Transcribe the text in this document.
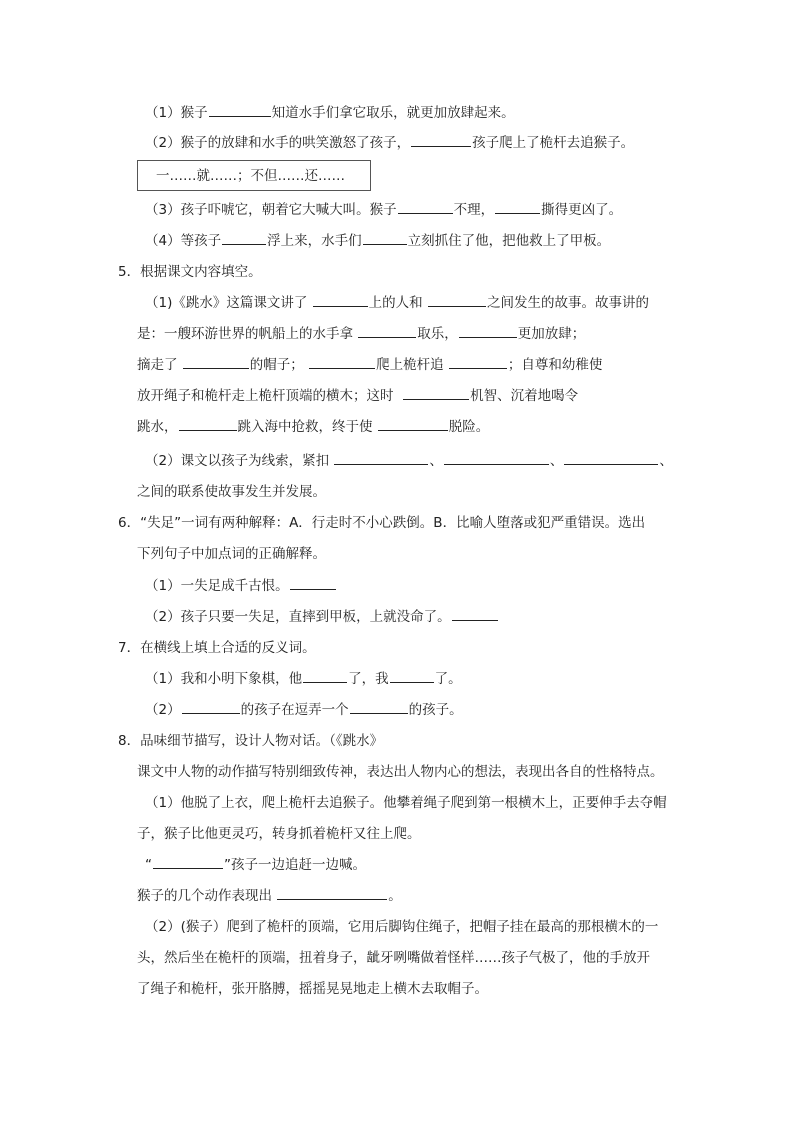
（1）猴子	知道水手们拿它取乐，就更加放肆起来。
（2）猴子的放肆和水手的哄笑激怒了孩子，	孩子爬上了桅杆去追猴子。
一……就……；不但……还……
（3）孩子吓唬它，朝着它大喊大叫。猴子	不理，	撕得更凶了。
（4）等孩子	浮上来，水手们	立刻抓住了他，把他救上了甲板。
5．根据课文内容填空。
（1)《跳水》这篇课文讲了	上的人和	之间发生的故事。故事讲的
是：一艘环游世界的帆船上的水手拿	取乐，	更加放肆；
摘走了	的帽子；	爬上桅杆追	；自尊和幼稚使
放开绳子和桅杆走上桅杆顶端的横木；这时	机智、沉着地喝令
跳水，	跳入海中抢救，终于使	脱险。
（2）课文以孩子为线索，紧扣	、	、	、
之间的联系使故事发生并发展。
6．“失足”一词有两种解释：A．行走时不小心跌倒。B．比喻人堕落或犯严重错误。选出
下列句子中加点词的正确解释。
（1）一失足成千古恨。
（2）孩子只要一失足，直摔到甲板，上就没命了。
7．在横线上填上合适的反义词。
（1）我和小明下象棋，他	了，我	了。
（2）	的孩子在逗弄一个	的孩子。
8．品味细节描写，设计人物对话。（《跳水》
课文中人物的动作描写特别细致传神，表达出人物内心的想法，表现出各自的性格特点。
（1）他脱了上衣，爬上桅杆去追猴子。他攀着绳子爬到第一根横木上，正要伸手去夺帽
子，猴子比他更灵巧，转身抓着桅杆又往上爬。
“	”孩子一边追赶一边喊。
猴子的几个动作表现出	。
（2）(猴子）爬到了桅杆的顶端，它用后脚钩住绳子，把帽子挂在最高的那根横木的一
头，然后坐在桅杆的顶端，扭着身子，龇牙咧嘴做着怪样……孩子气极了，他的手放开
了绳子和桅杆，张开胳膊，摇摇晃晃地走上横木去取帽子。
